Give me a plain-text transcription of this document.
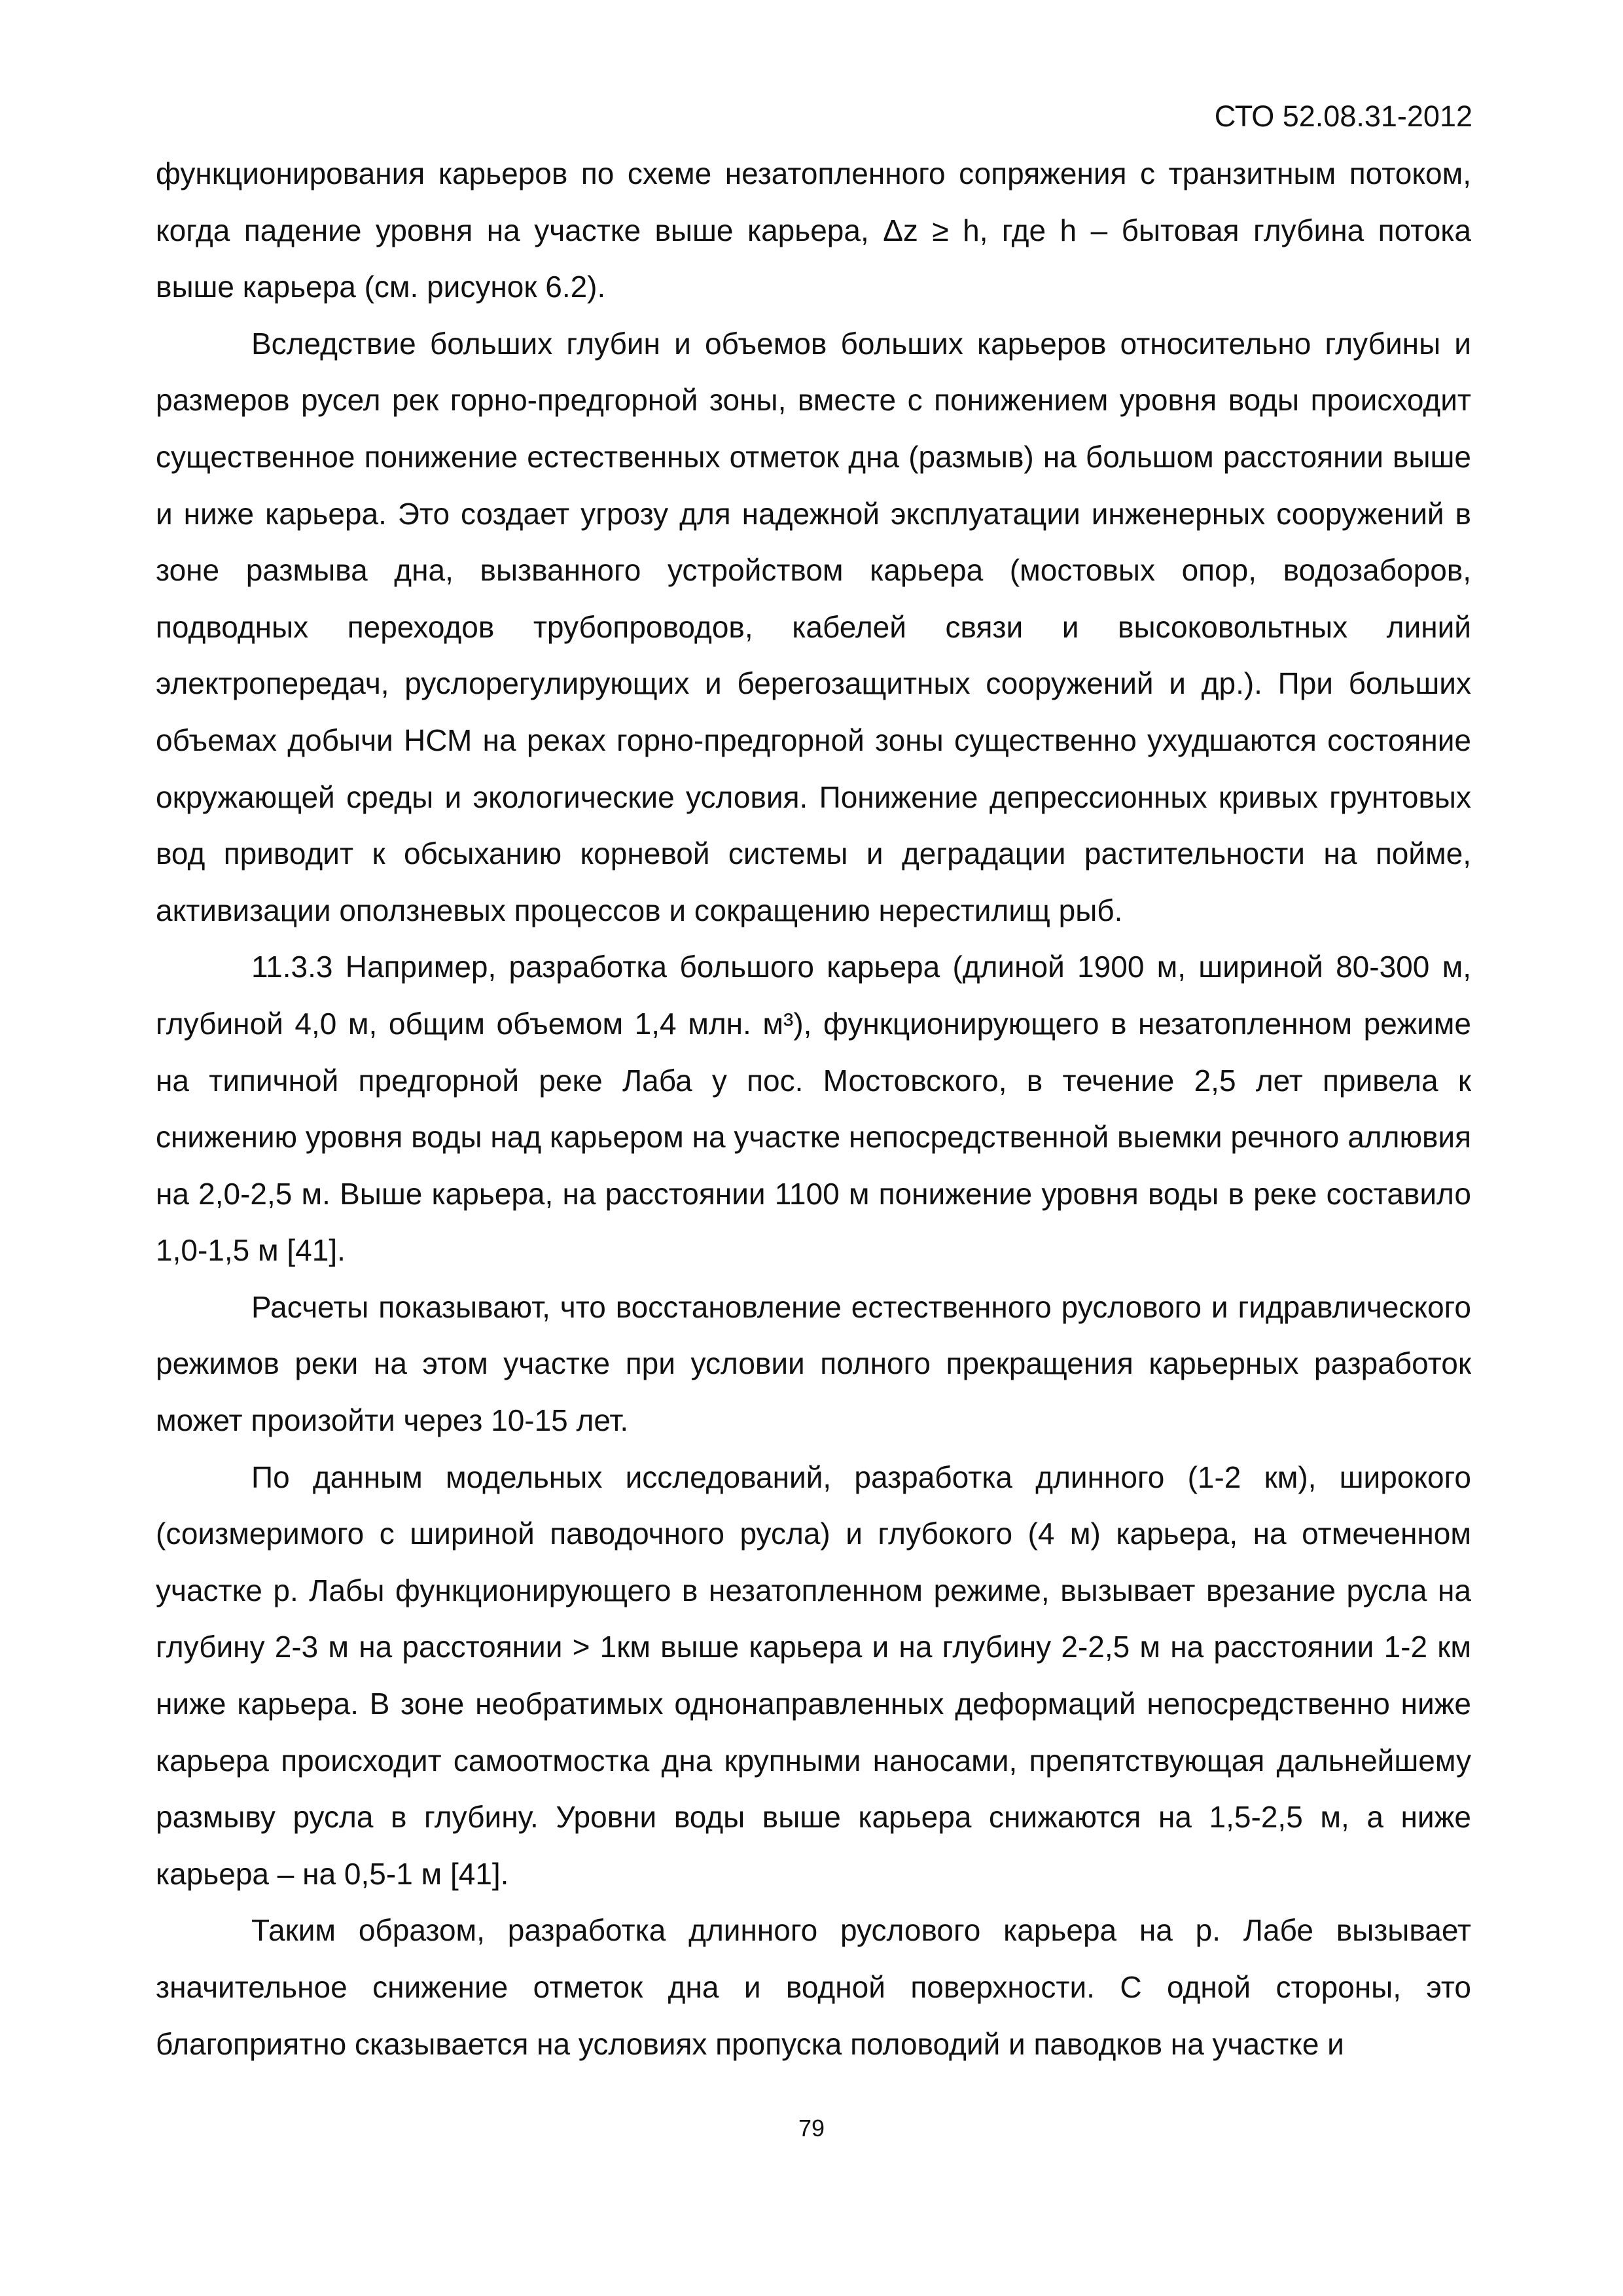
СТО 52.08.31-2012

функционирования карьеров по схеме незатопленного сопряжения с транзитным потоком, когда падение уровня на участке выше карьера, Δz ≥ h, где h – бытовая глубина потока выше карьера (см. рисунок 6.2).

Вследствие больших глубин и объемов больших карьеров относительно глубины и размеров русел рек горно-предгорной зоны, вместе с понижением уровня воды происходит существенное понижение естественных отметок дна (размыв) на большом расстоянии выше и ниже карьера. Это создает угрозу для надежной эксплуатации инженерных сооружений в зоне размыва дна, вызванного устройством карьера (мостовых опор, водозаборов, подводных переходов трубопроводов, кабелей связи и высоковольтных линий электропередач, руслорегулирующих и берегозащитных сооружений и др.). При больших объемах добычи НСМ на реках горно-предгорной зоны существенно ухудшаются состояние окружающей среды и экологические условия. Понижение депрессионных кривых грунтовых вод приводит к обсыханию корневой системы и деградации растительности на пойме, активизации оползневых процессов и сокращению нерестилищ рыб.

11.3.3 Например, разработка большого карьера (длиной 1900 м, шириной 80-300 м, глубиной 4,0 м, общим объемом 1,4 млн. м³), функционирующего в незатопленном режиме на типичной предгорной реке Лаба у пос. Мостовского, в течение 2,5 лет привела к снижению уровня воды над карьером на участке непосредственной выемки речного аллювия на 2,0-2,5 м. Выше карьера, на расстоянии 1100 м понижение уровня воды в реке составило 1,0-1,5 м [41].

Расчеты показывают, что восстановление естественного руслового и гидравлического режимов реки на этом участке при условии полного прекращения карьерных разработок может произойти через 10-15 лет.

По данным модельных исследований, разработка длинного (1-2 км), широкого (соизмеримого с шириной паводочного русла) и глубокого (4 м) карьера, на отмеченном участке р. Лабы функционирующего в незатопленном режиме, вызывает врезание русла на глубину 2-3 м на расстоянии > 1км выше карьера и на глубину 2-2,5 м на расстоянии 1-2 км ниже карьера. В зоне необратимых однонаправленных деформаций непосредственно ниже карьера происходит самоотмостка дна крупными наносами, препятствующая дальнейшему размыву русла в глубину. Уровни воды выше карьера снижаются на 1,5-2,5 м, а ниже карьера – на 0,5-1 м [41].

Таким образом, разработка длинного руслового карьера на р. Лабе вызывает значительное снижение отметок дна и водной поверхности. С одной стороны, это благоприятно сказывается на условиях пропуска половодий и паводков на участке и

79
